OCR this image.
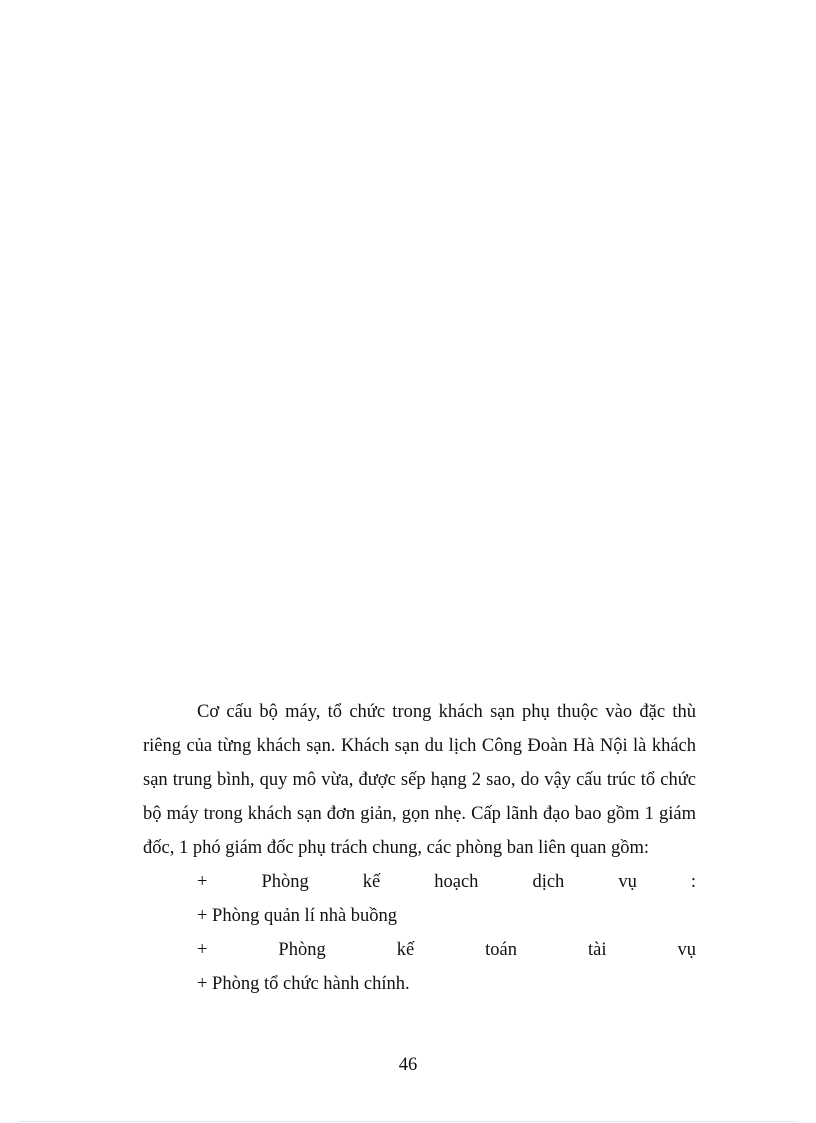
Cơ cấu bộ máy, tổ chức trong khách sạn phụ thuộc vào đặc thù riêng của từng khách sạn. Khách sạn du lịch Công Đoàn Hà Nội là khách sạn trung bình, quy mô vừa, được sếp hạng 2 sao, do vậy cấu trúc tổ chức bộ máy trong khách sạn đơn giản, gọn nhẹ. Cấp lãnh đạo bao gồm 1 giám đốc, 1 phó giám đốc phụ trách chung, các phòng ban liên quan gồm:

+	Phòng	kế	hoạch	dịch	vụ	:

+ Phòng quản lí nhà buồng

+	Phòng	kế	toán	tài	vụ

+ Phòng tổ chức hành chính.

46
